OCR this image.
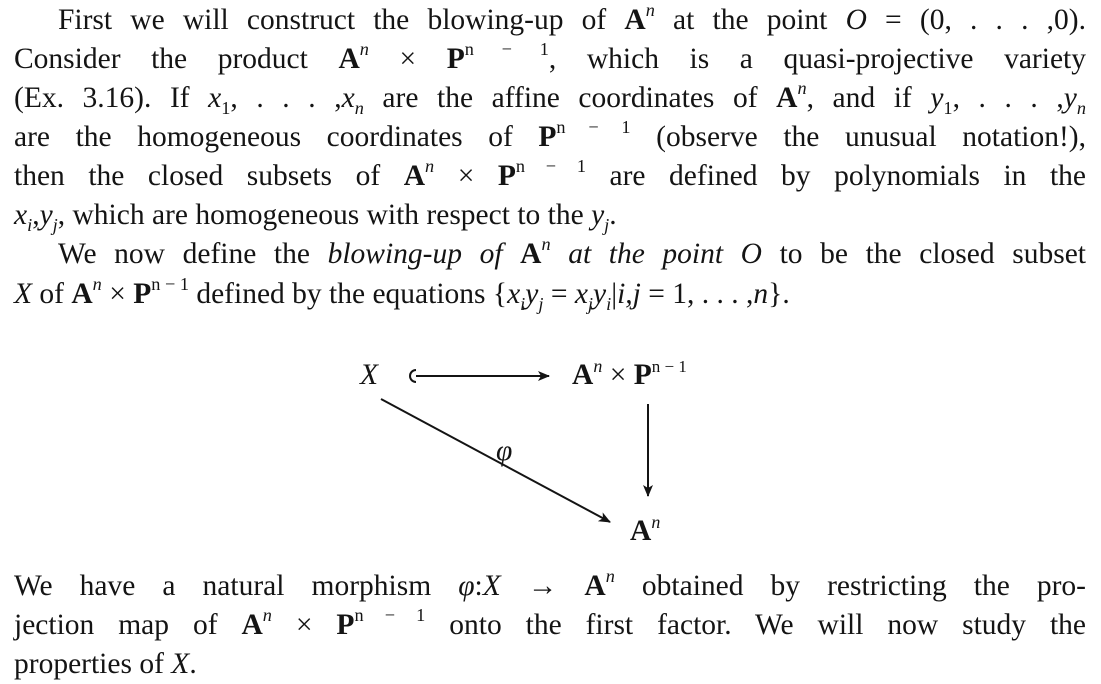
First we will construct the blowing-up of $A^n$ at the point O = (0, . . . ,0).
Consider the product $A^n \times P^{n - 1}$, which is a quasi-projective variety
(Ex. 3.16). If $x_1$, . . . $,x_n$ are the affine coordinates of $A^n$, and if $y_1$, . . . $,y_n$
are the homogeneous coordinates of $P^{n - 1}$ (observe the unusual notation!),
then the closed subsets of $A^n \times P^{n - 1}$ are defined by polynomials in the
$x_i,y_j$, which are homogeneous with respect to the $y_j$.
We now define the blowing-up of $A^n$ at the point O to be the closed subset
X of $A^n \times P^{n - 1}$ defined by the equations {$x_iy_j = x_jy_i|i,j = 1$, . . . ,n}.
X	$A^n \times P^{n - 1}$
φ
$A^n$
We have a natural morphism φ:X → $A^n$ obtained by restricting the pro-
jection map of $A^n \times P^{n - 1}$ onto the first factor. We will now study the
properties of X.
